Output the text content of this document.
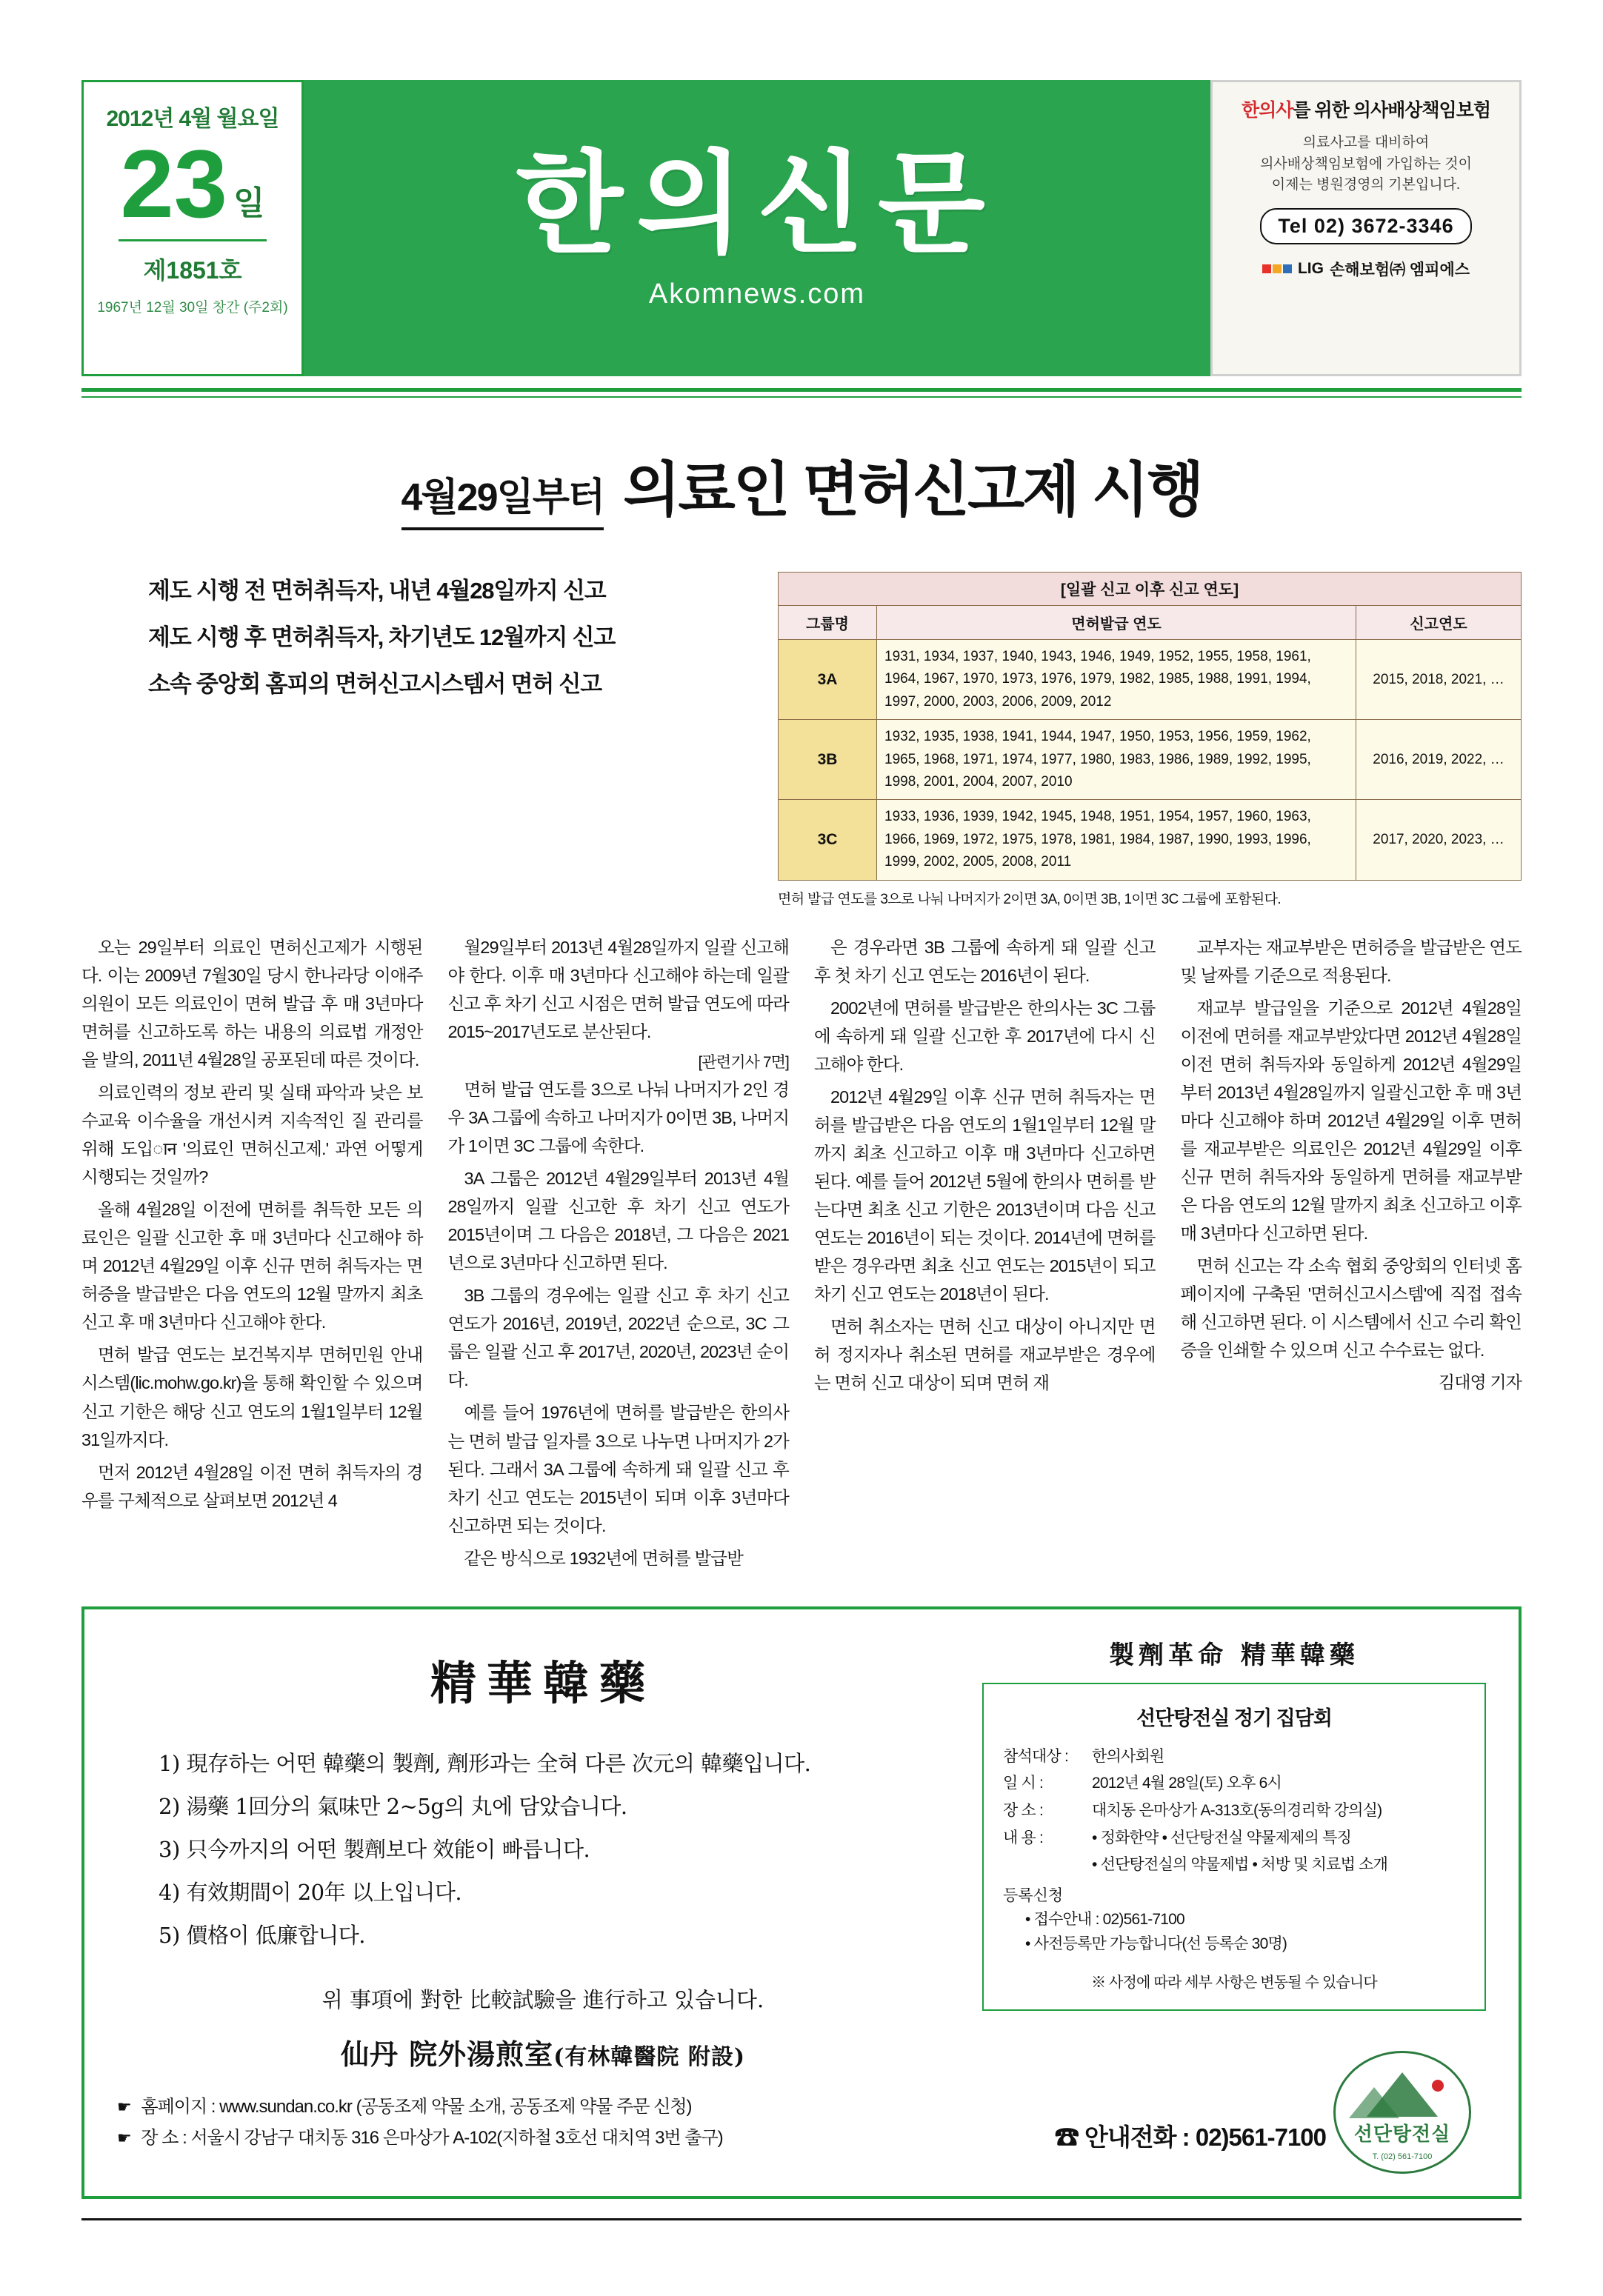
2012년 4월 월요일
23 일
제1851호
1967년 12월 30일 창간 (주2회)
한의신문
Akomnews.com
한의사를 위한 의사배상책임보험
의료사고를 대비하여
의사배상책임보험에 가입하는 것이
이제는 병원경영의 기본입니다.
Tel 02) 3672-3346
LIG 손해보험㈜ 엠피에스
4월29일부터 의료인 면허신고제 시행

제도 시행 전 면허취득자, 내년 4월28일까지 신고

제도 시행 후 면허취득자, 차기년도 12월까지 신고

소속 중앙회 홈피의 면허신고시스템서 면허 신고

[일괄 신고 이후 신고 연도]		
그룹명	면허발급 연도	신고연도
3A	1931, 1934, 1937, 1940, 1943, 1946, 1949, 1952, 1955, 1958, 1961, 1964, 1967, 1970, 1973, 1976, 1979, 1982, 1985, 1988, 1991, 1994, 1997, 2000, 2003, 2006, 2009, 2012	2015, 2018, 2021, …
3B	1932, 1935, 1938, 1941, 1944, 1947, 1950, 1953, 1956, 1959, 1962, 1965, 1968, 1971, 1974, 1977, 1980, 1983, 1986, 1989, 1992, 1995, 1998, 2001, 2004, 2007, 2010	2016, 2019, 2022, …
3C	1933, 1936, 1939, 1942, 1945, 1948, 1951, 1954, 1957, 1960, 1963, 1966, 1969, 1972, 1975, 1978, 1981, 1984, 1987, 1990, 1993, 1996, 1999, 2002, 2005, 2008, 2011	2017, 2020, 2023, …
면허 발급 연도를 3으로 나눠 나머지가 2이면 3A, 0이면 3B, 1이면 3C 그룹에 포함된다.

오는 29일부터 의료인 면허신고제가 시행된다. 이는 2009년 7월30일 당시 한나라당 이애주 의원이 모든 의료인이 면허 발급 후 매 3년마다 면허를 신고하도록 하는 내용의 의료법 개정안을 발의, 2011년 4월28일 공포된데 따른 것이다.

의료인력의 정보 관리 및 실태 파악과 낮은 보수교육 이수율을 개선시켜 지속적인 질 관리를 위해 도입ान '의료인 면허신고제.' 과연 어떻게 시행되는 것일까?

올해 4월28일 이전에 면허를 취득한 모든 의료인은 일괄 신고한 후 매 3년마다 신고해야 하며 2012년 4월29일 이후 신규 면허 취득자는 면허증을 발급받은 다음 연도의 12월 말까지 최초 신고 후 매 3년마다 신고해야 한다.

면허 발급 연도는 보건복지부 면허민원 안내시스템(lic.mohw.go.kr)을 통해 확인할 수 있으며 신고 기한은 해당 신고 연도의 1월1일부터 12월31일까지다.

먼저 2012년 4월28일 이전 면허 취득자의 경우를 구체적으로 살펴보면 2012년 4

월29일부터 2013년 4월28일까지 일괄 신고해야 한다. 이후 매 3년마다 신고해야 하는데 일괄 신고 후 차기 신고 시점은 면허 발급 연도에 따라 2015~2017년도로 분산된다.

[관련기사 7면]

면허 발급 연도를 3으로 나눠 나머지가 2인 경우 3A 그룹에 속하고 나머지가 0이면 3B, 나머지가 1이면 3C 그룹에 속한다.

3A 그룹은 2012년 4월29일부터 2013년 4월28일까지 일괄 신고한 후 차기 신고 연도가 2015년이며 그 다음은 2018년, 그 다음은 2021년으로 3년마다 신고하면 된다.

3B 그룹의 경우에는 일괄 신고 후 차기 신고 연도가 2016년, 2019년, 2022년 순으로, 3C 그룹은 일괄 신고 후 2017년, 2020년, 2023년 순이다.

예를 들어 1976년에 면허를 발급받은 한의사는 면허 발급 일자를 3으로 나누면 나머지가 2가 된다. 그래서 3A 그룹에 속하게 돼 일괄 신고 후 차기 신고 연도는 2015년이 되며 이후 3년마다 신고하면 되는 것이다.

같은 방식으로 1932년에 면허를 발급받

은 경우라면 3B 그룹에 속하게 돼 일괄 신고 후 첫 차기 신고 연도는 2016년이 된다.

2002년에 면허를 발급받은 한의사는 3C 그룹에 속하게 돼 일괄 신고한 후 2017년에 다시 신고해야 한다.

2012년 4월29일 이후 신규 면허 취득자는 면허를 발급받은 다음 연도의 1월1일부터 12월 말까지 최초 신고하고 이후 매 3년마다 신고하면 된다. 예를 들어 2012년 5월에 한의사 면허를 받는다면 최초 신고 기한은 2013년이며 다음 신고 연도는 2016년이 되는 것이다. 2014년에 면허를 받은 경우라면 최초 신고 연도는 2015년이 되고 차기 신고 연도는 2018년이 된다.

면허 취소자는 면허 신고 대상이 아니지만 면허 정지자나 취소된 면허를 재교부받은 경우에는 면허 신고 대상이 되며 면허 재

교부자는 재교부받은 면허증을 발급받은 연도 및 날짜를 기준으로 적용된다.

재교부 발급일을 기준으로 2012년 4월28일 이전에 면허를 재교부받았다면 2012년 4월28일 이전 면허 취득자와 동일하게 2012년 4월29일부터 2013년 4월28일까지 일괄신고한 후 매 3년마다 신고해야 하며 2012년 4월29일 이후 면허를 재교부받은 의료인은 2012년 4월29일 이후 신규 면허 취득자와 동일하게 면허를 재교부받은 다음 연도의 12월 말까지 최초 신고하고 이후 매 3년마다 신고하면 된다.

면허 신고는 각 소속 협회 중앙회의 인터넷 홈페이지에 구축된 '면허신고시스템'에 직접 접속해 신고하면 된다. 이 시스템에서 신고 수리 확인증을 인쇄할 수 있으며 신고 수수료는 없다.

김대영 기자
精華韓藥
1) 現存하는 어떤 韓藥의 製劑, 劑形과는 全혀 다른 次元의 韓藥입니다.
2) 湯藥 1回分의 氣味만 2~5g의 丸에 담았습니다.
3) 只今까지의 어떤 製劑보다 效能이 빠릅니다.
4) 有效期間이 20年 以上입니다.
5) 價格이 低廉합니다.
위 事項에 對한 比較試驗을 進行하고 있습니다.
仙丹 院外湯煎室(有林韓醫院 附設)
製劑革命 精華韓藥
선단탕전실 정기 집담회
참석대상 :	한의사회원
일 시 :	2012년 4월 28일(토) 오후 6시
장 소 :	대치동 은마상가 A-313호(동의경리학 강의실)
내 용 :	• 정화한약 • 선단탕전실 약물제제의 특징
• 선단탕전실의 약물제법 • 처방 및 치료법 소개
등록신청
• 접수안내 : 02)561-7100
• 사전등록만 가능합니다(선 등록순 30명)
※ 사정에 따라 세부 사항은 변동될 수 있습니다
☛ 홈페이지 : www.sundan.co.kr (공동조제 약물 소개, 공동조제 약물 주문 신청)
☛ 장 소 : 서울시 강남구 대치동 316 은마상가 A-102(지하철 3호선 대치역 3번 출구)	☎ 안내전화 : 02)561-7100 선단탕전실
T. (02) 561-7100
